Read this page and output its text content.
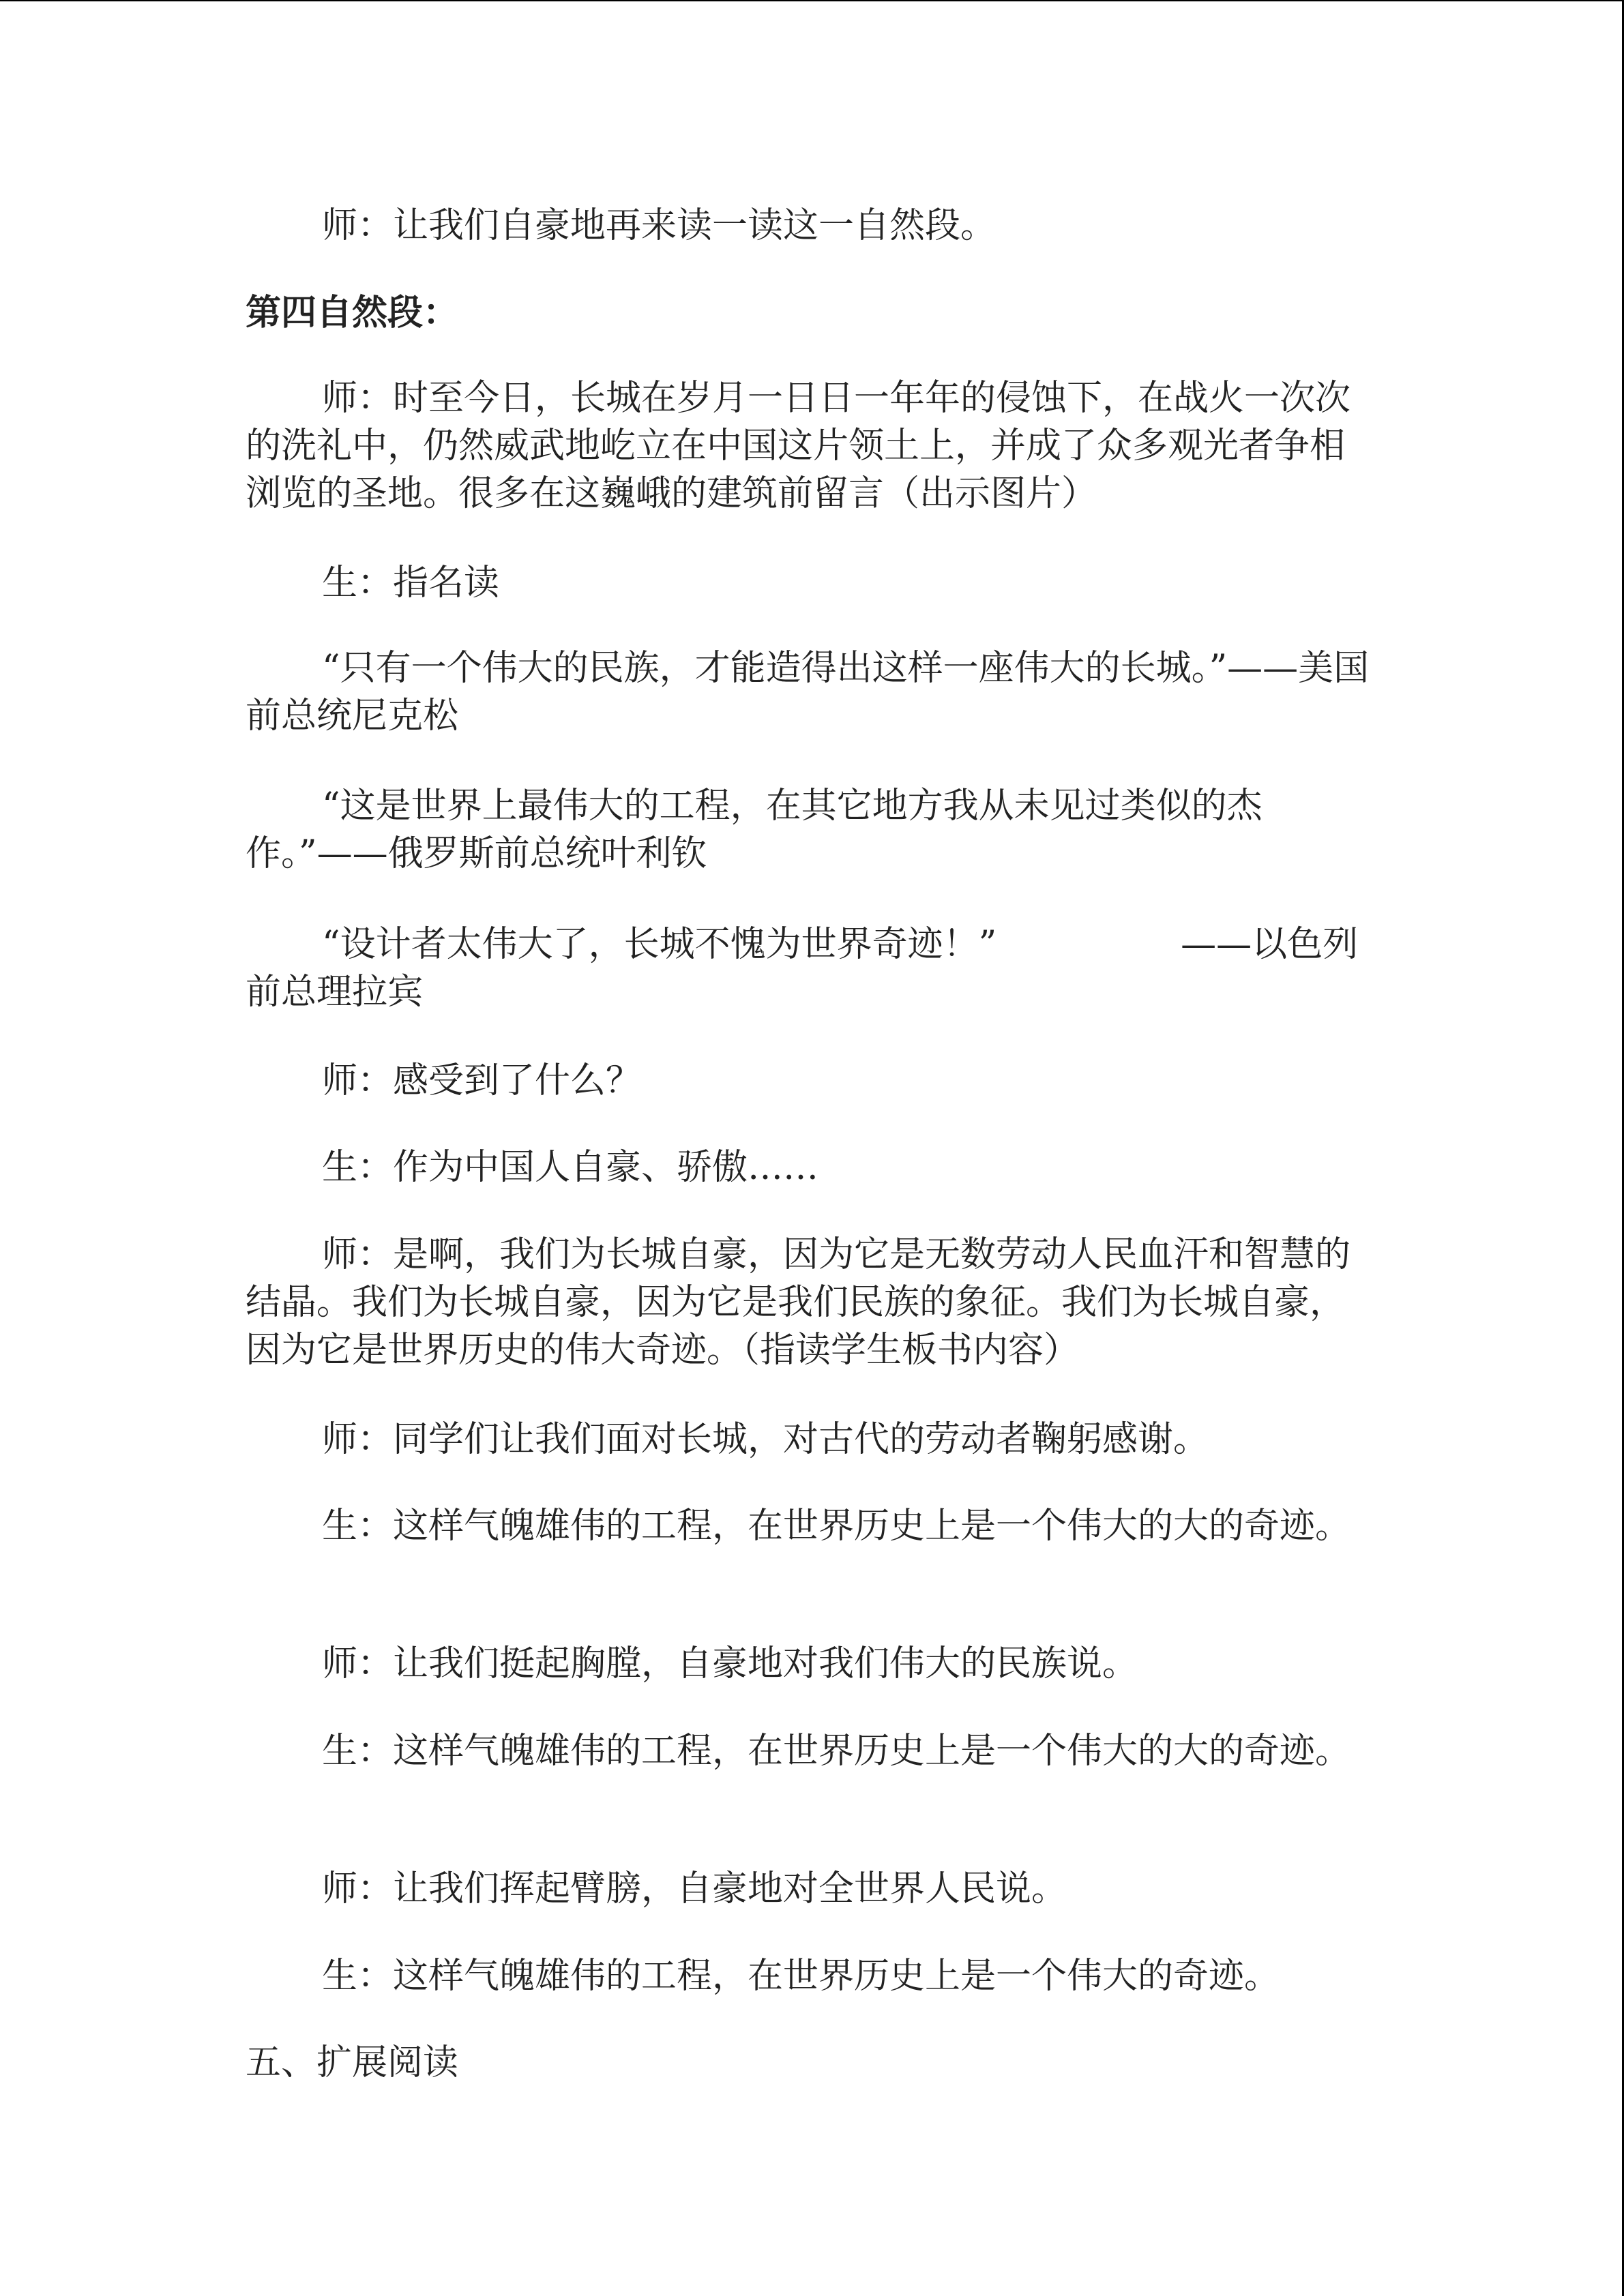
师：让我们自豪地再来读一读这一自然段。

第四自然段：

师：时至今日，长城在岁月一日日一年年的侵蚀下，在战火一次次的洗礼中，仍然威武地屹立在中国这片领土上，并成了众多观光者争相浏览的圣地。很多在这巍峨的建筑前留言（出示图片）

生：指名读

“只有一个伟大的民族，才能造得出这样一座伟大的长城。”——美国前总统尼克松

“这是世界上最伟大的工程，在其它地方我从未见过类似的杰作。”——俄罗斯前总统叶利钦

“设计者太伟大了，长城不愧为世界奇迹！”	——以色列前总理拉宾

师：感受到了什么？

生：作为中国人自豪、骄傲……

师：是啊，我们为长城自豪，因为它是无数劳动人民血汗和智慧的结晶。我们为长城自豪，因为它是我们民族的象征。我们为长城自豪，因为它是世界历史的伟大奇迹。（指读学生板书内容）

师：同学们让我们面对长城，对古代的劳动者鞠躬感谢。

生：这样气魄雄伟的工程，在世界历史上是一个伟大的大的奇迹。

师：让我们挺起胸膛，自豪地对我们伟大的民族说。

生：这样气魄雄伟的工程，在世界历史上是一个伟大的大的奇迹。

师：让我们挥起臂膀，自豪地对全世界人民说。

生：这样气魄雄伟的工程，在世界历史上是一个伟大的奇迹。

五、扩展阅读
